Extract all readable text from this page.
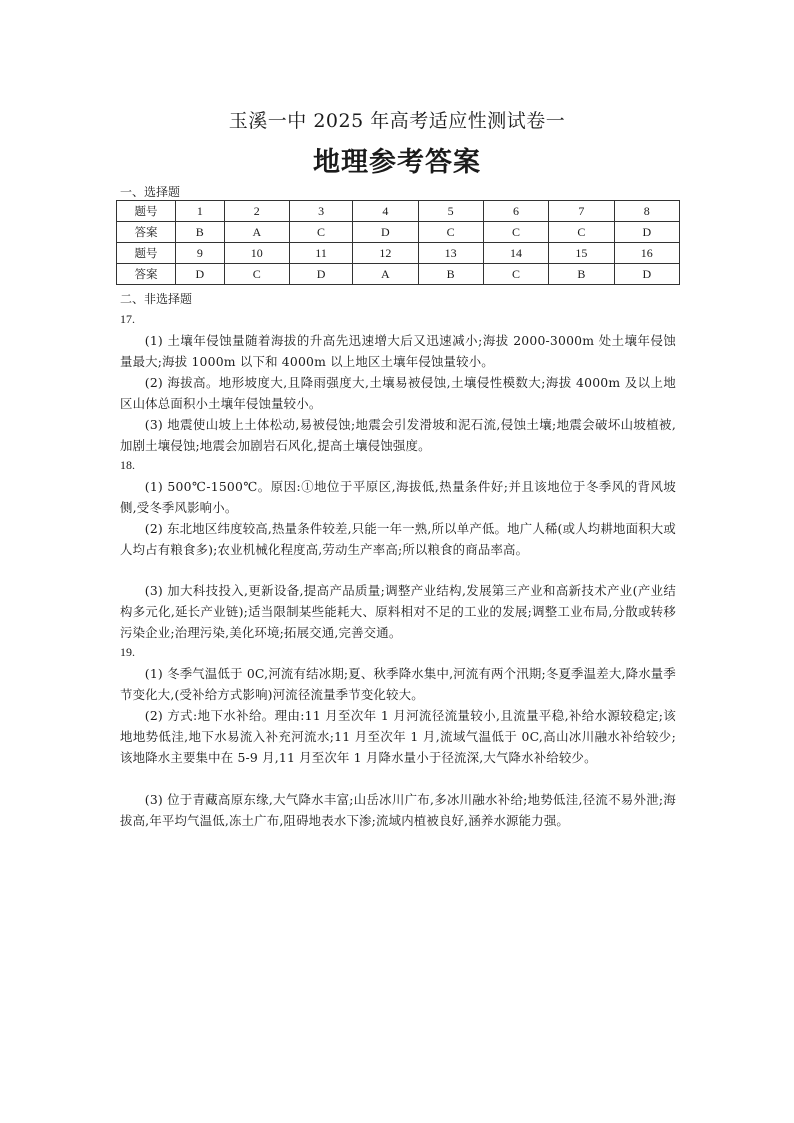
玉溪一中 2025 年高考适应性测试卷一
地理参考答案
一、选择题
题号	1	2	3	4	5	6	7	8
答案	B	A	C	D	C	C	C	D
题号	9	10	11	12	13	14	15	16
答案	D	C	D	A	B	C	B	D
二、非选择题
17.
(1) 土壤年侵蚀量随着海拔的升高先迅速增大后又迅速减小;海拔 2000-3000m 处土壤年侵蚀量最大;海拔 1000m 以下和 4000m 以上地区土壤年侵蚀量较小。
(2) 海拔高。地形坡度大,且降雨强度大,土壤易被侵蚀,土壤侵性模数大;海拔 4000m 及以上地区山体总面积小土壤年侵蚀量较小。
(3) 地震使山坡上土体松动,易被侵蚀;地震会引发滑坡和泥石流,侵蚀土壤;地震会破坏山坡植被,加剧土壤侵蚀;地震会加剧岩石风化,提高土壤侵蚀强度。
18.
(1) 500℃-1500℃。原因:①地位于平原区,海拔低,热量条件好;并且该地位于冬季风的背风坡侧,受冬季风影响小。
(2) 东北地区纬度较高,热量条件较差,只能一年一熟,所以单产低。地广人稀(或人均耕地面积大或人均占有粮食多);农业机械化程度高,劳动生产率高;所以粮食的商品率高。
(3) 加大科技投入,更新设备,提高产品质量;调整产业结构,发展第三产业和高新技术产业(产业结构多元化,延长产业链);适当限制某些能耗大、原料相对不足的工业的发展;调整工业布局,分散或转移污染企业;治理污染,美化环境;拓展交通,完善交通。
19.
(1) 冬季气温低于 0C,河流有结冰期;夏、秋季降水集中,河流有两个汛期;冬夏季温差大,降水量季节变化大,(受补给方式影响)河流径流量季节变化较大。
(2) 方式:地下水补给。理由:11 月至次年 1 月河流径流量较小,且流量平稳,补给水源较稳定;该地地势低洼,地下水易流入补充河流水;11 月至次年 1 月,流域气温低于 0C,高山冰川融水补给较少;该地降水主要集中在 5-9 月,11 月至次年 1 月降水量小于径流深,大气降水补给较少。
(3) 位于青藏高原东缘,大气降水丰富;山岳冰川广布,多冰川融水补给;地势低洼,径流不易外泄;海拔高,年平均气温低,冻土广布,阻碍地表水下渗;流域内植被良好,涵养水源能力强。
